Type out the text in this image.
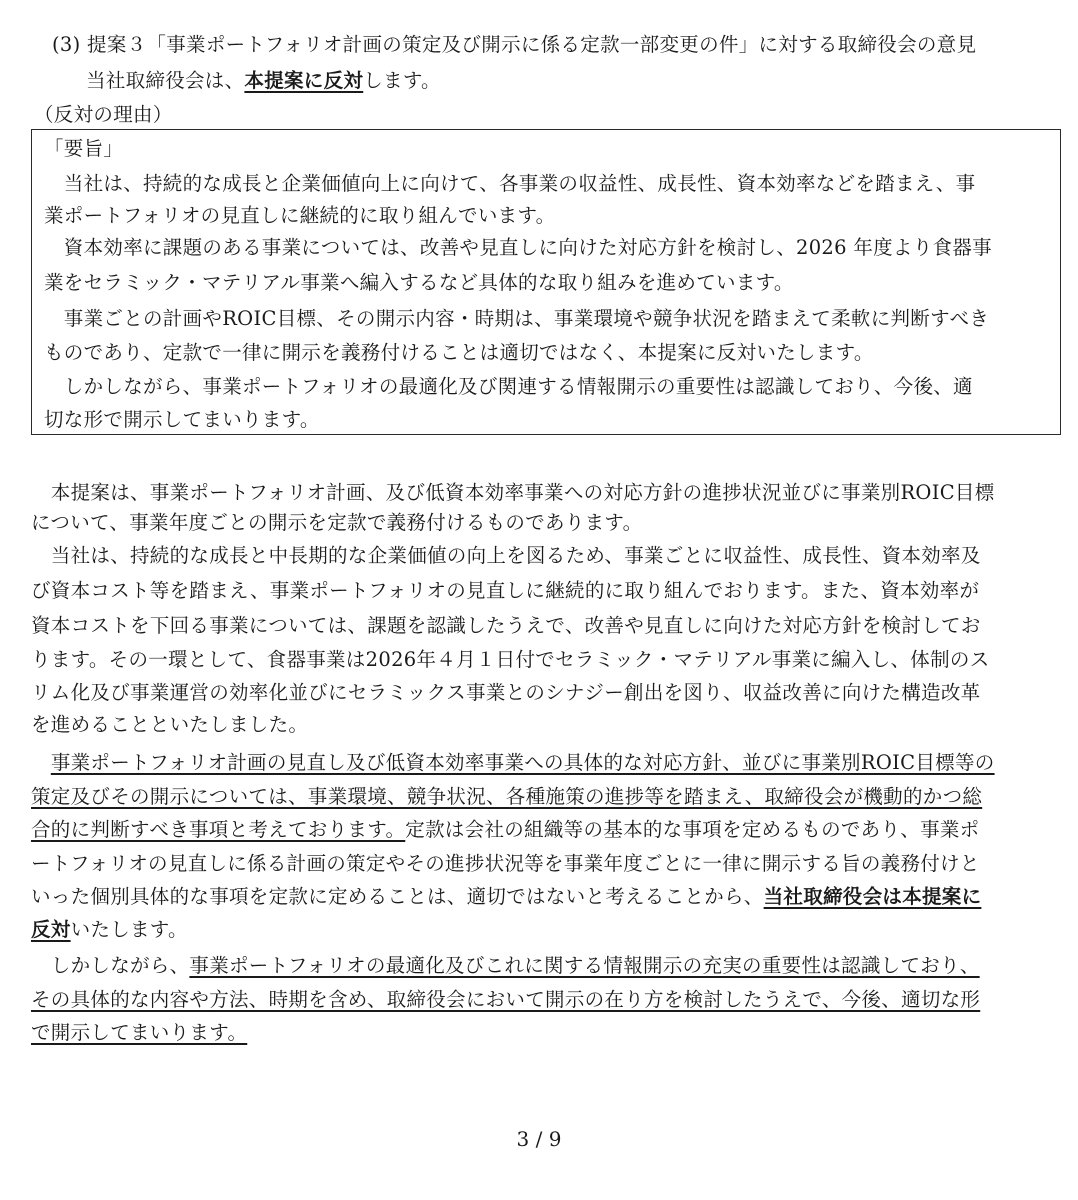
(3) 提案３「事業ポートフォリオ計画の策定及び開示に係る定款一部変更の件」に対する取締役会の意見
当社取締役会は、本提案に反対します。
（反対の理由）
「要旨」
　当社は、持続的な成長と企業価値向上に向けて、各事業の収益性、成長性、資本効率などを踏まえ、事
業ポートフォリオの見直しに継続的に取り組んでいます。
　資本効率に課題のある事業については、改善や見直しに向けた対応方針を検討し、2026 年度より食器事
業をセラミック・マテリアル事業へ編入するなど具体的な取り組みを進めています。
　事業ごとの計画やROIC目標、その開示内容・時期は、事業環境や競争状況を踏まえて柔軟に判断すべき
ものであり、定款で一律に開示を義務付けることは適切ではなく、本提案に反対いたします。
　しかしながら、事業ポートフォリオの最適化及び関連する情報開示の重要性は認識しており、今後、適
切な形で開示してまいります。
　本提案は、事業ポートフォリオ計画、及び低資本効率事業への対応方針の進捗状況並びに事業別ROIC目標
について、事業年度ごとの開示を定款で義務付けるものであります。
　当社は、持続的な成長と中長期的な企業価値の向上を図るため、事業ごとに収益性、成長性、資本効率及
び資本コスト等を踏まえ、事業ポートフォリオの見直しに継続的に取り組んでおります。また、資本効率が
資本コストを下回る事業については、課題を認識したうえで、改善や見直しに向けた対応方針を検討してお
ります。その一環として、食器事業は2026年４月１日付でセラミック・マテリアル事業に編入し、体制のス
リム化及び事業運営の効率化並びにセラミックス事業とのシナジー創出を図り、収益改善に向けた構造改革
を進めることといたしました。
　事業ポートフォリオ計画の見直し及び低資本効率事業への具体的な対応方針、並びに事業別ROIC目標等の
策定及びその開示については、事業環境、競争状況、各種施策の進捗等を踏まえ、取締役会が機動的かつ総
合的に判断すべき事項と考えております。定款は会社の組織等の基本的な事項を定めるものであり、事業ポ
ートフォリオの見直しに係る計画の策定やその進捗状況等を事業年度ごとに一律に開示する旨の義務付けと
いった個別具体的な事項を定款に定めることは、適切ではないと考えることから、当社取締役会は本提案に
反対いたします。
　しかしながら、事業ポートフォリオの最適化及びこれに関する情報開示の充実の重要性は認識しており、
その具体的な内容や方法、時期を含め、取締役会において開示の在り方を検討したうえで、今後、適切な形
で開示してまいります。
3 / 9
